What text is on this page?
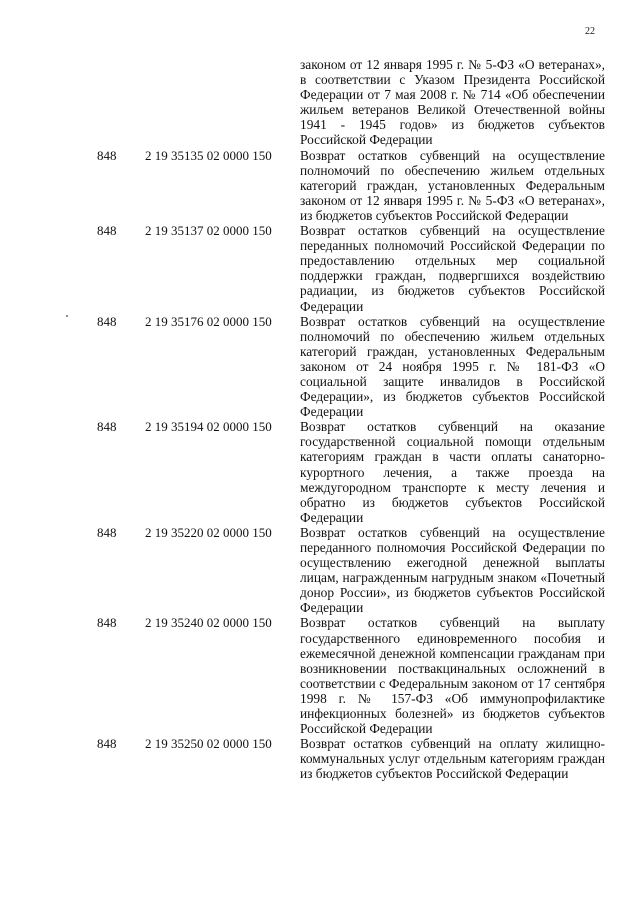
22
законом от 12 января 1995 г. № 5-ФЗ «О ветеранах», в соответствии с Указом Президента Российской Федерации от 7 мая 2008 г. № 714 «Об обеспечении жильем ветеранов Великой Отечественной войны 1941 - 1945 годов» из бюджетов субъектов Российской Федерации
848	2 19 35135 02 0000 150	Возврат остатков субвенций на осуществление полномочий по обеспечению жильем отдельных категорий граждан, установленных Федеральным законом от 12 января 1995 г. № 5-ФЗ «О ветеранах», из бюджетов субъектов Российской Федерации
848	2 19 35137 02 0000 150	Возврат остатков субвенций на осуществление переданных полномочий Российской Федерации по предоставлению отдельных мер социальной поддержки граждан, подвергшихся воздействию радиации, из бюджетов субъектов Российской Федерации
848	2 19 35176 02 0000 150	Возврат остатков субвенций на осуществление полномочий по обеспечению жильем отдельных категорий граждан, установленных Федеральным законом от 24 ноября 1995 г. № 181-ФЗ «О социальной защите инвалидов в Российской Федерации», из бюджетов субъектов Российской Федерации
848	2 19 35194 02 0000 150	Возврат остатков субвенций на оказание государственной социальной помощи отдельным категориям граждан в части оплаты санаторно-курортного лечения, а также проезда на междугородном транспорте к месту лечения и обратно из бюджетов субъектов Российской Федерации
848	2 19 35220 02 0000 150	Возврат остатков субвенций на осуществление переданного полномочия Российской Федерации по осуществлению ежегодной денежной выплаты лицам, награжденным нагрудным знаком «Почетный донор России», из бюджетов субъектов Российской Федерации
848	2 19 35240 02 0000 150	Возврат остатков субвенций на выплату государственного единовременного пособия и ежемесячной денежной компенсации гражданам при возникновении поствакцинальных осложнений в соответствии с Федеральным законом от 17 сентября 1998 г. № 157-ФЗ «Об иммунопрофилактике инфекционных болезней» из бюджетов субъектов Российской Федерации
848	2 19 35250 02 0000 150	Возврат остатков субвенций на оплату жилищно-коммунальных услуг отдельным категориям граждан из бюджетов субъектов Российской Федерации
